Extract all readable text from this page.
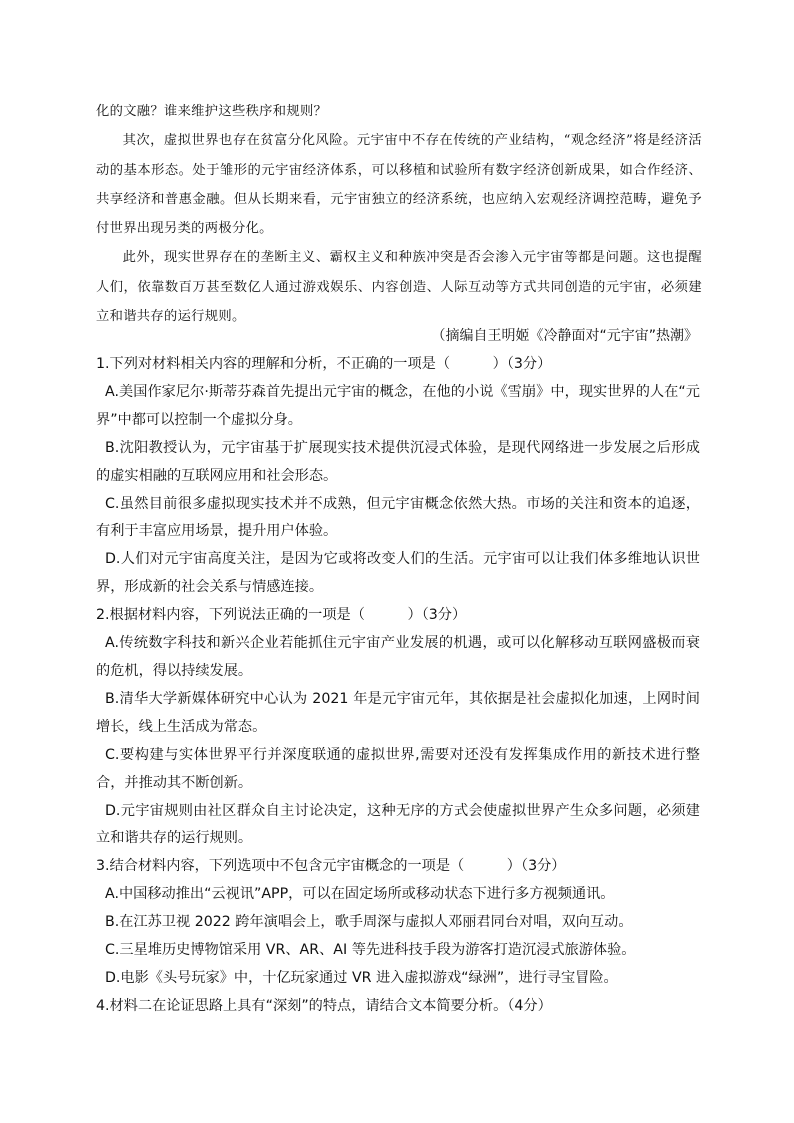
化的文融？谁来维护这些秩序和规则？

其次，虚拟世界也存在贫富分化风险。元宇宙中不存在传统的产业结构，“观念经济”将是经济活动的基本形态。处于雏形的元宇宙经济体系，可以移植和试验所有数字经济创新成果，如合作经济、共享经济和普惠金融。但从长期来看，元宇宙独立的经济系统，也应纳入宏观经济调控范畴，避免予付世界出现另类的两极分化。

此外，现实世界存在的垄断主义、霸权主义和种族冲突是否会渗入元宇宙等都是问题。这也提醒人们，依靠数百万甚至数亿人通过游戏娱乐、内容创造、人际互动等方式共同创造的元宇宙，必须建立和谐共存的运行规则。

（摘编自王明姬《冷静面对“元宇宙”热潮》

1.下列对材料相关内容的理解和分析，不正确的一项是（　　　）（3分）

A.美国作家尼尔·斯蒂芬森首先提出元宇宙的概念，在他的小说《雪崩》中，现实世界的人在“元界”中都可以控制一个虚拟分身。

B.沈阳教授认为，元宇宙基于扩展现实技术提供沉浸式体验，是现代网络进一步发展之后形成的虚实相融的互联网应用和社会形态。

C.虽然目前很多虚拟现实技术并不成熟，但元宇宙概念依然大热。市场的关注和资本的追逐，有利于丰富应用场景，提升用户体验。

D.人们对元宇宙高度关注，是因为它或将改变人们的生活。元宇宙可以让我们体多维地认识世界，形成新的社会关系与情感连接。

2.根据材料内容，下列说法正确的一项是（　　　）（3分）

A.传统数字科技和新兴企业若能抓住元宇宙产业发展的机遇，或可以化解移动互联网盛极而衰的危机，得以持续发展。

B.清华大学新媒体研究中心认为 2021 年是元宇宙元年，其依据是社会虚拟化加速，上网时间增长，线上生活成为常态。

C.要构建与实体世界平行并深度联通的虚拟世界,需要对还没有发挥集成作用的新技术进行整合，并推动其不断创新。

D.元宇宙规则由社区群众自主讨论决定，这种无序的方式会使虚拟世界产生众多问题，必须建立和谐共存的运行规则。

3.结合材料内容，下列选项中不包含元宇宙概念的一项是（　　　）（3分）

A.中国移动推出“云视讯”APP，可以在固定场所或移动状态下进行多方视频通讯。

B.在江苏卫视 2022 跨年演唱会上，歌手周深与虚拟人邓丽君同台对唱，双向互动。

C.三星堆历史博物馆采用 VR、AR、AI 等先进科技手段为游客打造沉浸式旅游体验。

D.电影《头号玩家》中，十亿玩家通过 VR 进入虚拟游戏“绿洲”，进行寻宝冒险。

4.材料二在论证思路上具有“深刻”的特点，请结合文本简要分析。（4分）
